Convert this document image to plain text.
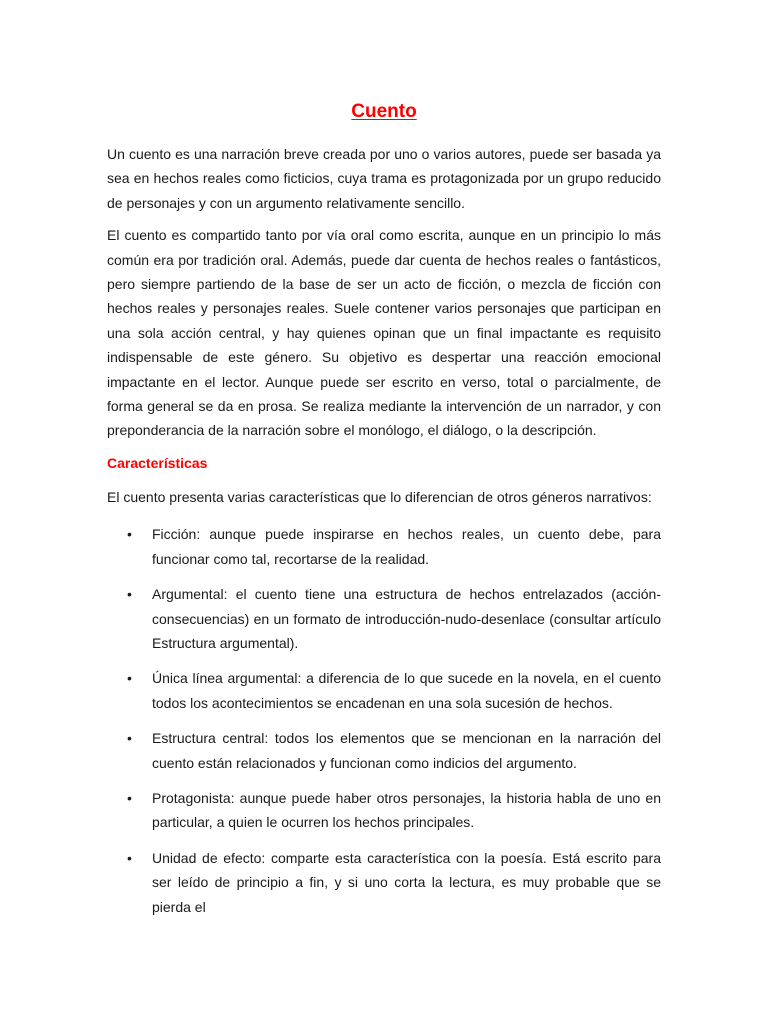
Cuento

Un cuento es una narración breve creada por uno o varios autores, puede ser basada ya sea en hechos reales como ficticios, cuya trama es protagonizada por un grupo reducido de personajes y con un argumento relativamente sencillo.

El cuento es compartido tanto por vía oral como escrita, aunque en un principio lo más común era por tradición oral. Además, puede dar cuenta de hechos reales o fantásticos, pero siempre partiendo de la base de ser un acto de ficción, o mezcla de ficción con hechos reales y personajes reales. Suele contener varios personajes que participan en una sola acción central, y hay quienes opinan que un final impactante es requisito indispensable de este género. Su objetivo es despertar una reacción emocional impactante en el lector. Aunque puede ser escrito en verso, total o parcialmente, de forma general se da en prosa. Se realiza mediante la intervención de un narrador, y con preponderancia de la narración sobre el monólogo, el diálogo, o la descripción.

Características

El cuento presenta varias características que lo diferencian de otros géneros narrativos:

• Ficción: aunque puede inspirarse en hechos reales, un cuento debe, para funcionar como tal, recortarse de la realidad.
• Argumental: el cuento tiene una estructura de hechos entrelazados (acción-consecuencias) en un formato de introducción-nudo-desenlace (consultar artículo Estructura argumental).
• Única línea argumental: a diferencia de lo que sucede en la novela, en el cuento todos los acontecimientos se encadenan en una sola sucesión de hechos.
• Estructura central: todos los elementos que se mencionan en la narración del cuento están relacionados y funcionan como indicios del argumento.
• Protagonista: aunque puede haber otros personajes, la historia habla de uno en particular, a quien le ocurren los hechos principales.
• Unidad de efecto: comparte esta característica con la poesía. Está escrito para ser leído de principio a fin, y si uno corta la lectura, es muy probable que se pierda el
